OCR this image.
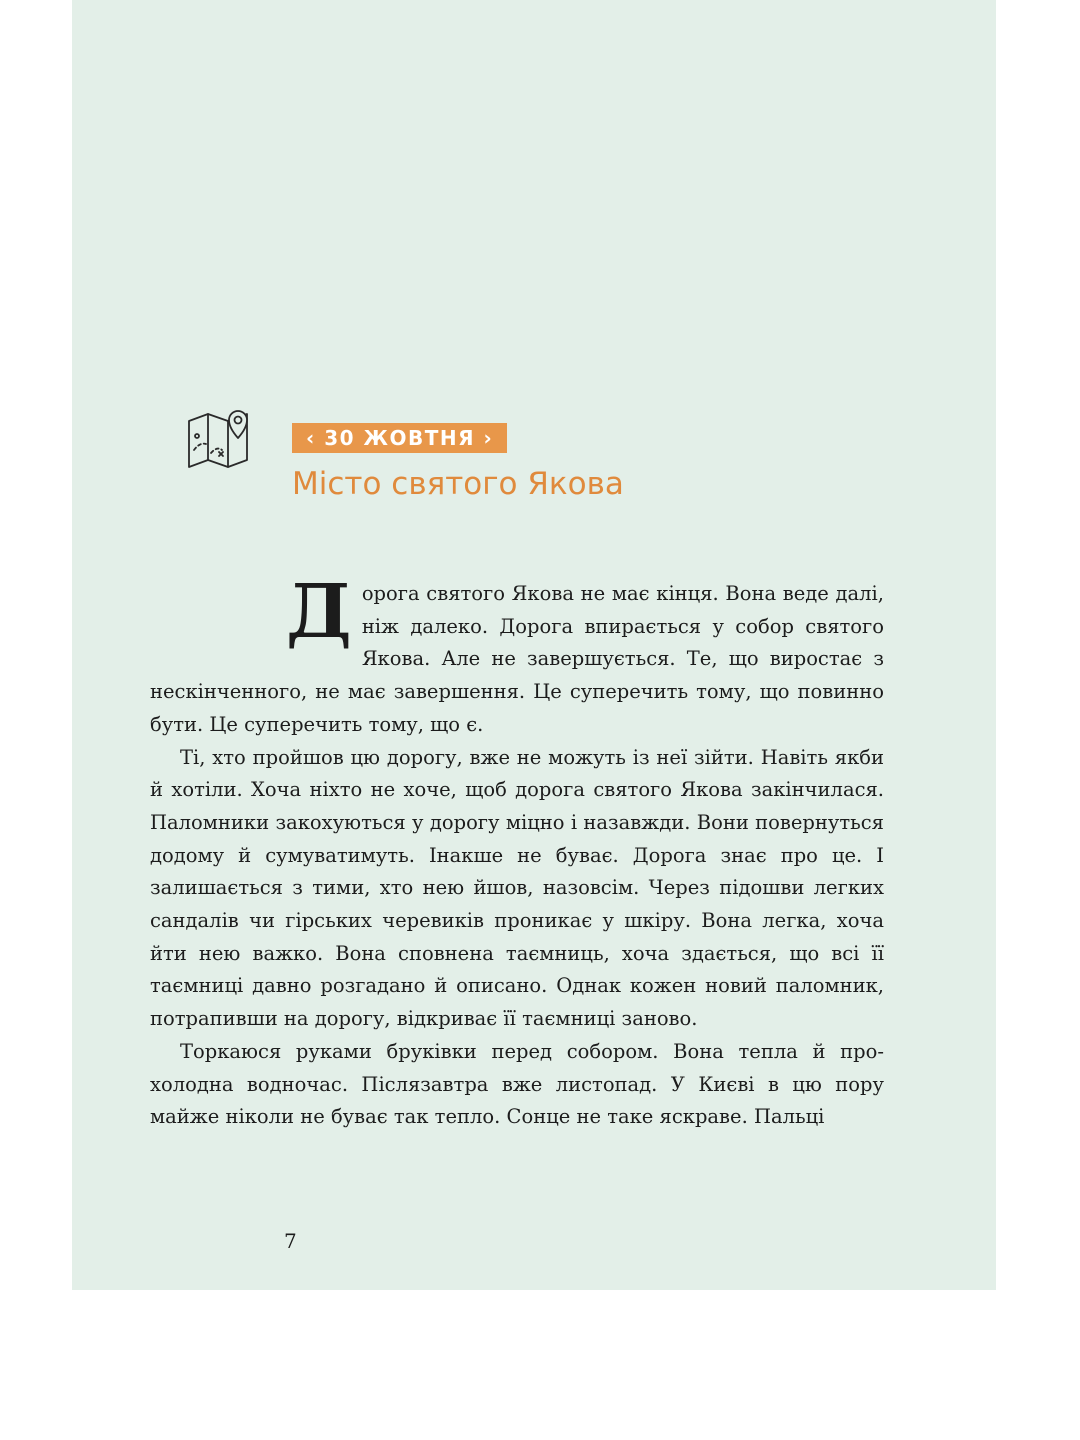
‹ 30 ЖОВТНЯ ›
Місто святого Якова

Дорога святого Якова не має кінця. Вона веде далі, ніж далеко. Дорога впирається у собор святого Якова. Але не завершується. Те, що виростає з нескінченного, не має завершення. Це суперечить тому, що повинно бути. Це суперечить тому, що є.

Ті, хто пройшов цю дорогу, вже не можуть із неї зійти. Навіть якби й хотіли. Хоча ніхто не хоче, щоб дорога святого Якова закінчилася. Паломники закохуються у дорогу міцно і назавжди. Вони повернуться додому й сумуватимуть. Інакше не буває. Дорога знає про це. І залишається з тими, хто нею йшов, назовсім. Через підошви легких сандалів чи гірських черевиків проникає у шкіру. Вона легка, хоча йти нею важко. Вона сповнена таємниць, хоча здається, що всі її таємниці давно розгадано й описано. Однак кожен новий паломник, потрапивши на дорогу, відкриває її таємниці заново.

Торкаюся руками бруківки перед собором. Вона тепла й прохолодна водночас. Післязавтра вже листопад. У Києві в цю пору майже ніколи не буває так тепло. Сонце не таке яскраве. Пальці

7
